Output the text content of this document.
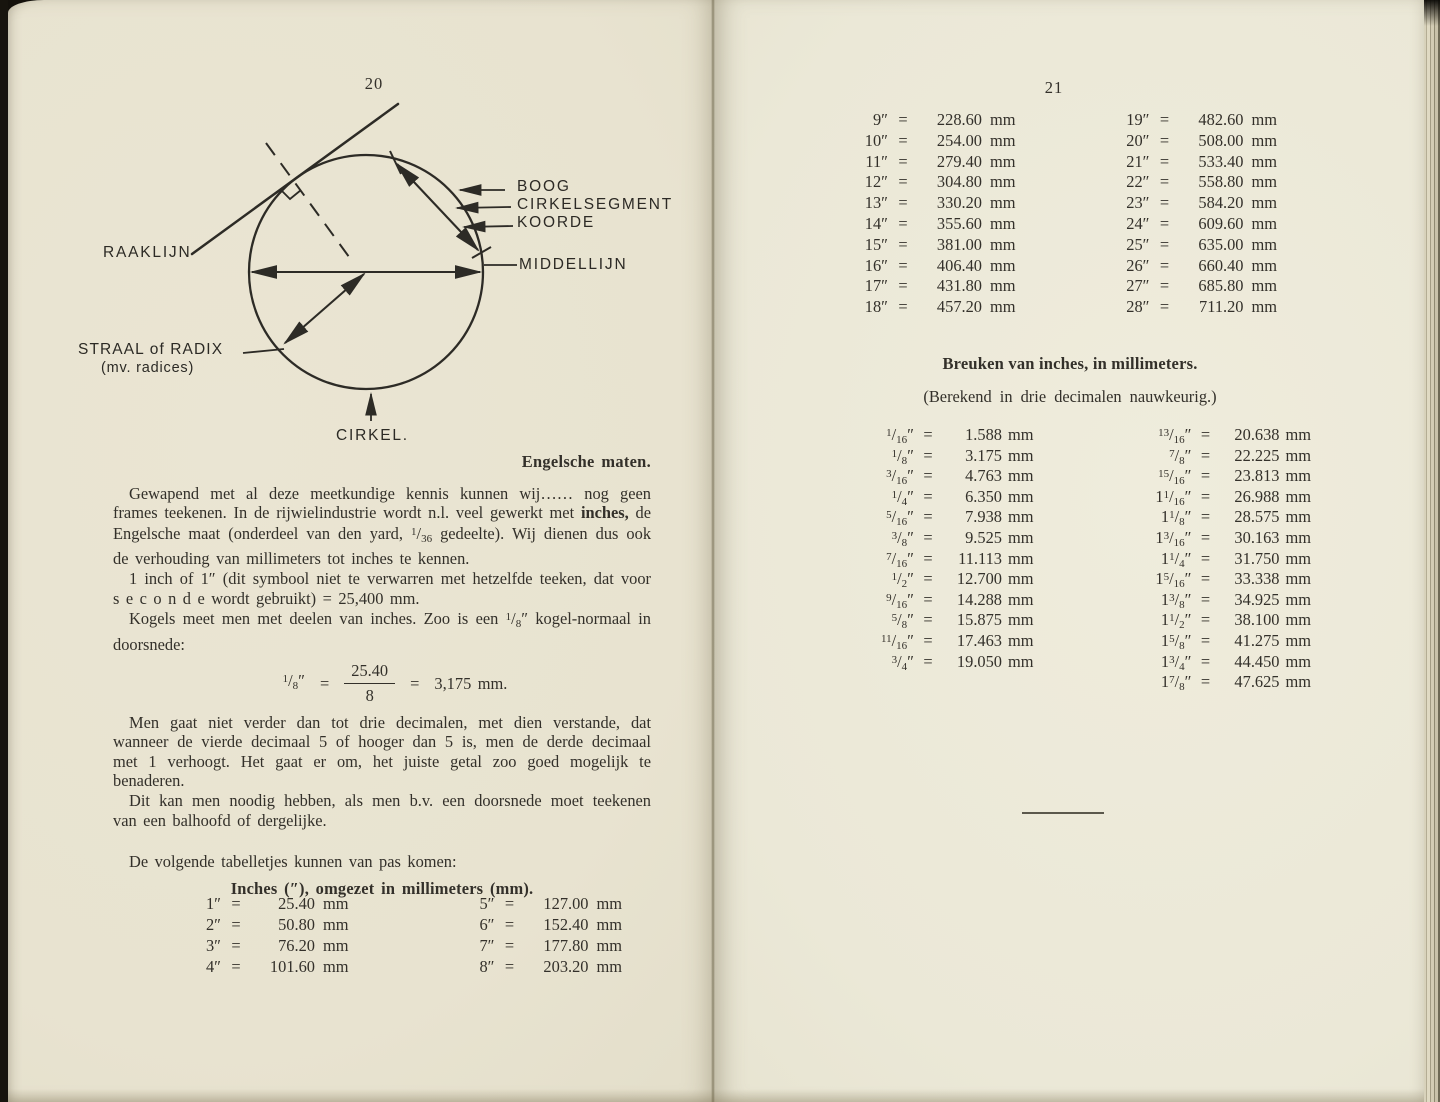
20	21
RAAKLIJN
BOOG
CIRKELSEGMENT
KOORDE
MIDDELLIJN
STRAAL of RADIX
(mv. radices)
CIRKEL.
Engelsche maten.

Gewapend met al deze meetkundige kennis kunnen wij…… nog geen frames teekenen. In de rijwielindustrie wordt n.l. veel gewerkt met inches, de Engelsche maat (onderdeel van den yard, $^1/_{36}$ gedeelte). Wij dienen dus ook de verhouding van millimeters tot inches te kennen.

1 inch of 1″ (dit symbool niet te verwarren met hetzelfde teeken, dat voor s e c o n d e wordt gebruikt) = 25,400 mm.

Kogels meet men met deelen van inches. Zoo is een $^1/_8''$ kogel-normaal in doorsnede:

$^1/_8'' = \frac{25.40}{8} = 3,175$ mm.

Men gaat niet verder dan tot drie decimalen, met dien verstande, dat wanneer de vierde decimaal 5 of hooger dan 5 is, men de derde decimaal met 1 verhoogt. Het gaat er om, het juiste getal zoo goed mogelijk te benaderen.

Dit kan men noodig hebben, als men b.v. een doorsnede moet teekenen van een balhoofd of dergelijke.

De volgende tabelletjes kunnen van pas komen:

Inches (″), omgezet in millimeters (mm).
1″ =	25.40 mm
2″ =	50.80 mm
3″ =	76.20 mm
4″ =	101.60 mm
5″ =	127.00 mm
6″ =	152.40 mm
7″ =	177.80 mm
8″ =	203.20 mm
9″ =	228.60 mm
10″ =	254.00 mm
11″ =	279.40 mm
12″ =	304.80 mm
13″ =	330.20 mm
14″ =	355.60 mm
15″ =	381.00 mm
16″ =	406.40 mm
17″ =	431.80 mm
18″ =	457.20 mm
19″ =	482.60 mm
20″ =	508.00 mm
21″ =	533.40 mm
22″ =	558.80 mm
23″ =	584.20 mm
24″ =	609.60 mm
25″ =	635.00 mm
26″ =	660.40 mm
27″ =	685.80 mm
28″ =	711.20 mm
Breuken van inches, in millimeters.
(Berekend in drie decimalen nauwkeurig.)
$^1/_{16}''$ =	1.588 mm
$^1/_8''$ =	3.175 mm
$^3/_{16}''$ =	4.763 mm
$^1/_4''$ =	6.350 mm
$^5/_{16}''$ =	7.938 mm
$^3/_8''$ =	9.525 mm
$^7/_{16}''$ =	11.113 mm
$^1/_2''$ =	12.700 mm
$^9/_{16}''$ =	14.288 mm
$^5/_8''$ =	15.875 mm
$^{11}/_{16}''$ =	17.463 mm
$^3/_4''$ =	19.050 mm
$^{13}/_{16}''$ =	20.638 mm
$^7/_8''$ =	22.225 mm
$^{15}/_{16}''$ =	23.813 mm
$1^1/_{16}''$ =	26.988 mm
$1^1/_8''$ =	28.575 mm
$1^3/_{16}''$ =	30.163 mm
$1^1/_4''$ =	31.750 mm
$1^5/_{16}''$ =	33.338 mm
$1^3/_8''$ =	34.925 mm
$1^1/_2''$ =	38.100 mm
$1^5/_8''$ =	41.275 mm
$1^3/_4''$ =	44.450 mm
$1^7/_8''$ =	47.625 mm
